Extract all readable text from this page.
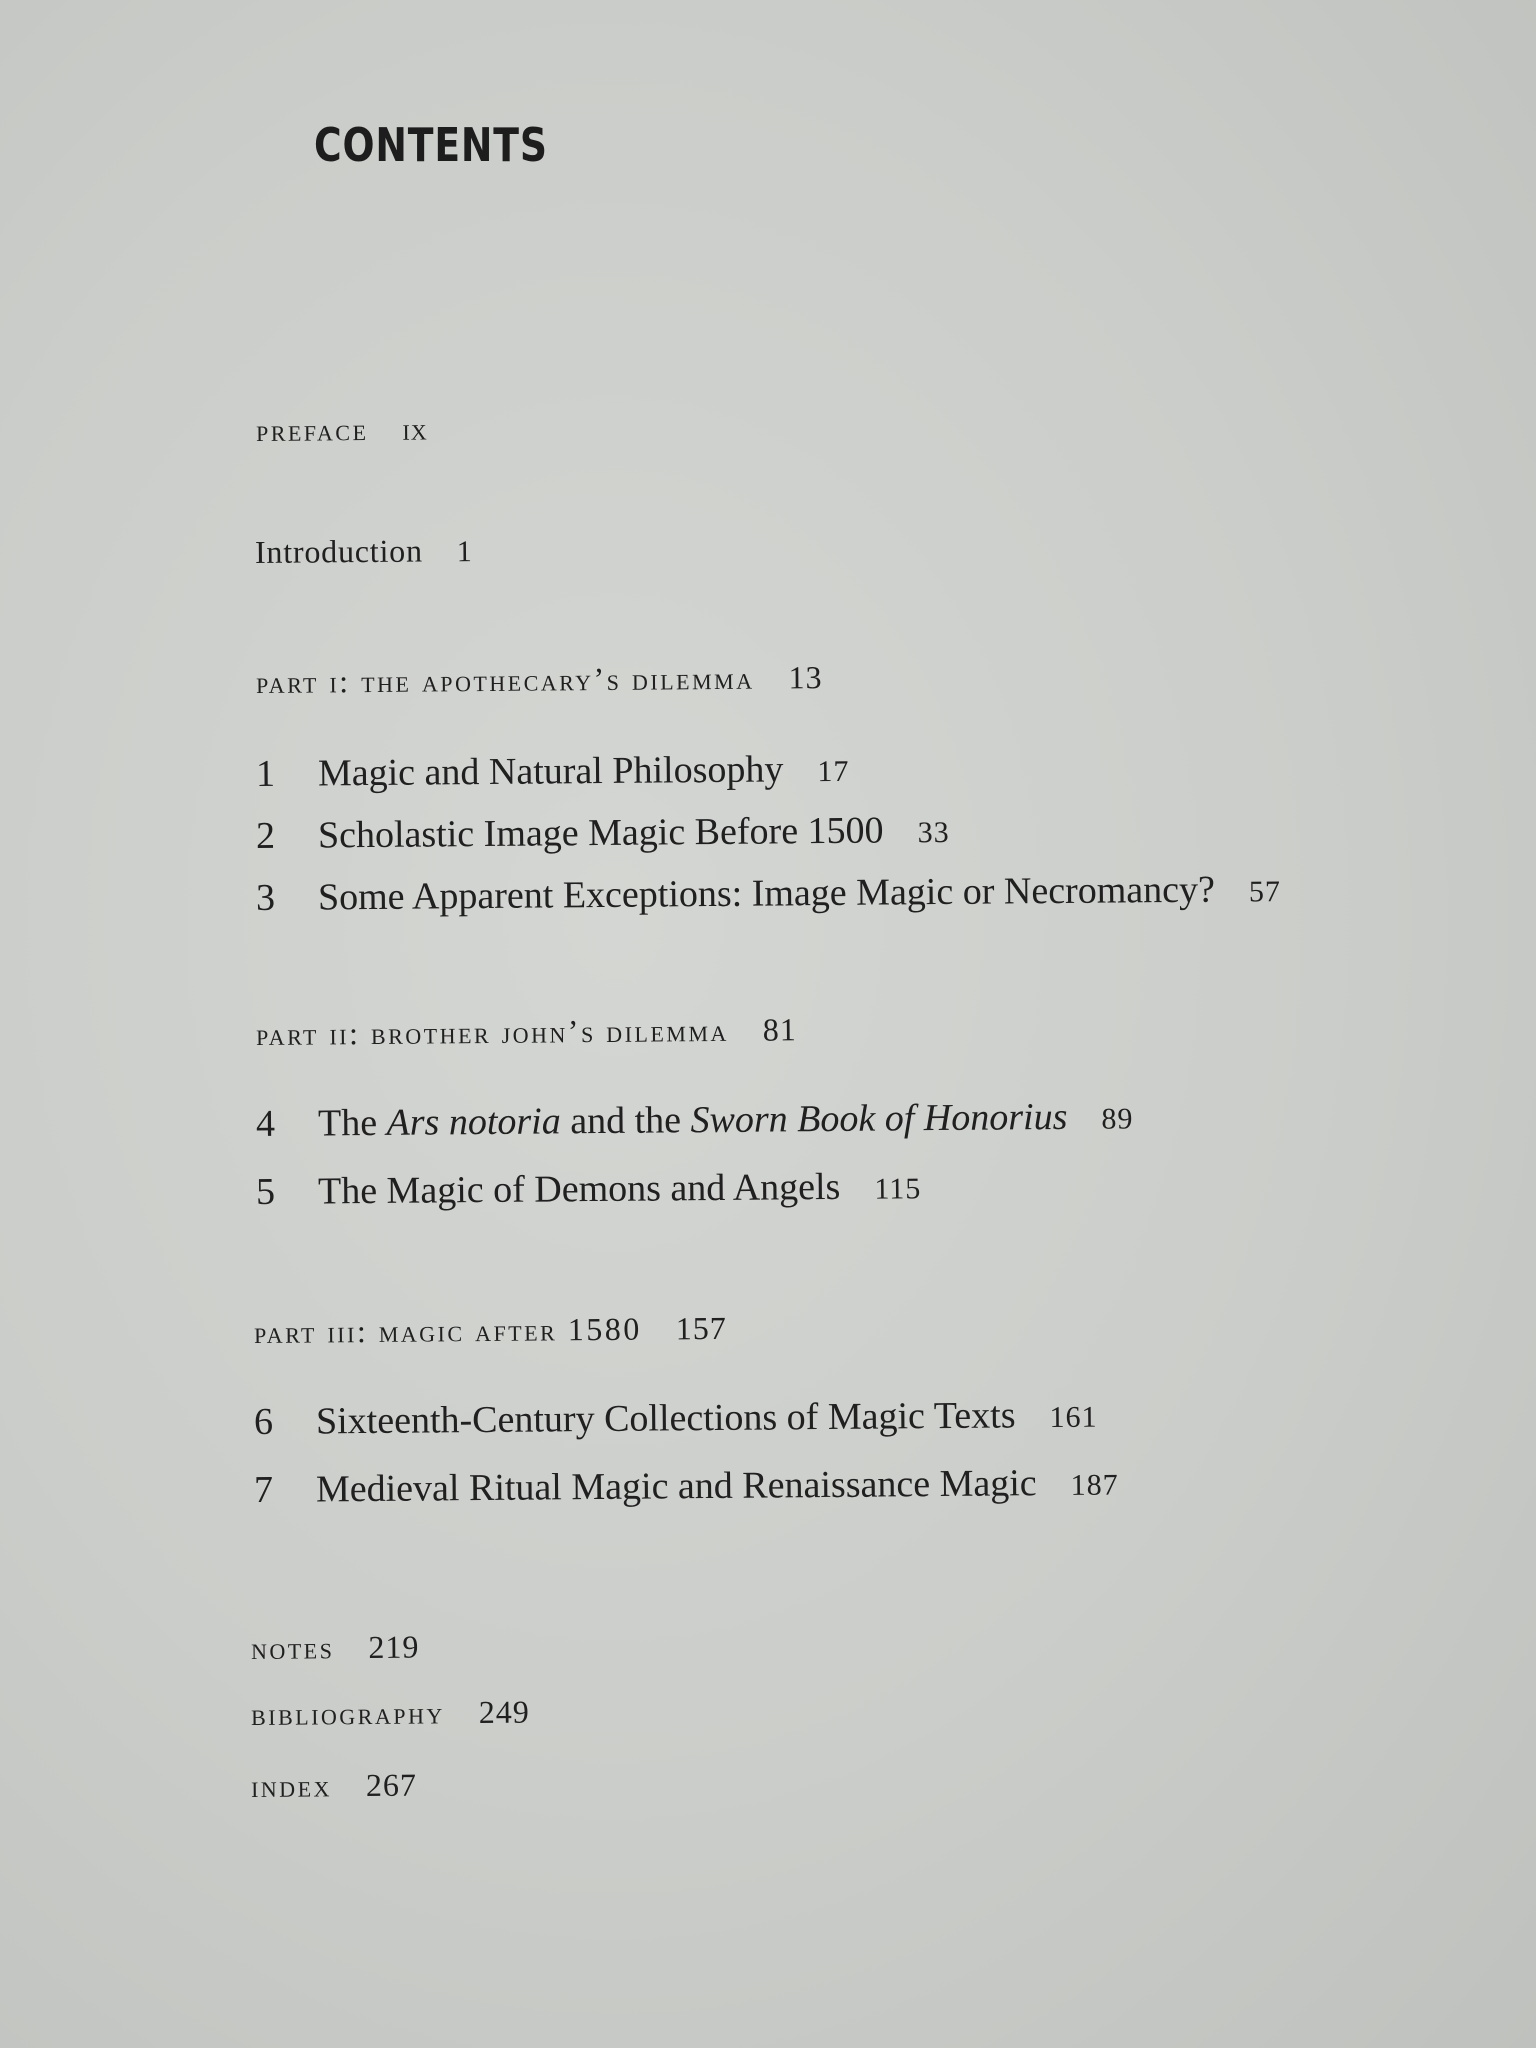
CONTENTS
preface ix
Introduction 1
part i: the apothecary’s dilemma 13
1 Magic and Natural Philosophy 17
2 Scholastic Image Magic Before 1500 33
3 Some Apparent Exceptions: Image Magic or Necromancy? 57
part ii: brother john’s dilemma 81
4 The Ars notoria and the Sworn Book of Honorius 89
5 The Magic of Demons and Angels 115
part iii: magic after 1580 157
6 Sixteenth-Century Collections of Magic Texts 161
7 Medieval Ritual Magic and Renaissance Magic 187
notes 219
bibliography 249
index 267
